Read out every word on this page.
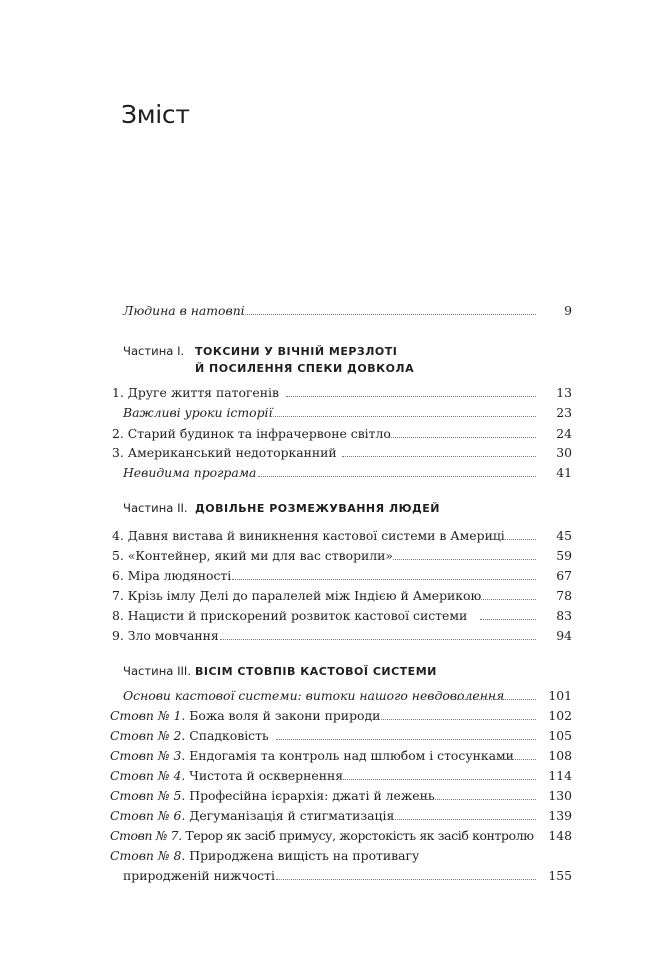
Зміст
Людина в натовпі	9
Частина І. ТОКСИНИ У ВІЧНІЙ МЕРЗЛОТІ
Й ПОСИЛЕННЯ СПЕКИ ДОВКОЛА
1. Друге життя патогенів	13
Важливі уроки історії	23
2. Старий будинок та інфрачервоне світло	24
3. Американський недоторканний	30
Невидима програма	41
Частина II. ДОВІЛЬНЕ РОЗМЕЖУВАННЯ ЛЮДЕЙ
4. Давня вистава й виникнення кастової системи в Америці	45
5. «Контейнер, який ми для вас створили»	59
6. Міра людяності	67
7. Крізь імлу Делі до паралелей між Індією й Америкою	78
8. Нацисти й прискорений розвиток кастової системи	83
9. Зло мовчання	94
Частина III. ВІСІМ СТОВПІВ КАСТОВОЇ СИСТЕМИ
Основи кастової системи: витоки нашого невдоволення	101
Стовп № 1. Божа воля й закони природи	102
Стовп № 2. Спадковість	105
Стовп № 3. Ендогамія та контроль над шлюбом і стосунками	108
Стовп № 4. Чистота й осквернення	114
Стовп № 5. Професійна ієрархія: джаті й лежень	130
Стовп № 6. Дегуманізація й стигматизація	139
Стовп № 7. Терор як засіб примусу, жорстокість як засіб контролю 148
Стовп № 8. Природжена вищість на противагу
природженій нижчості	155
